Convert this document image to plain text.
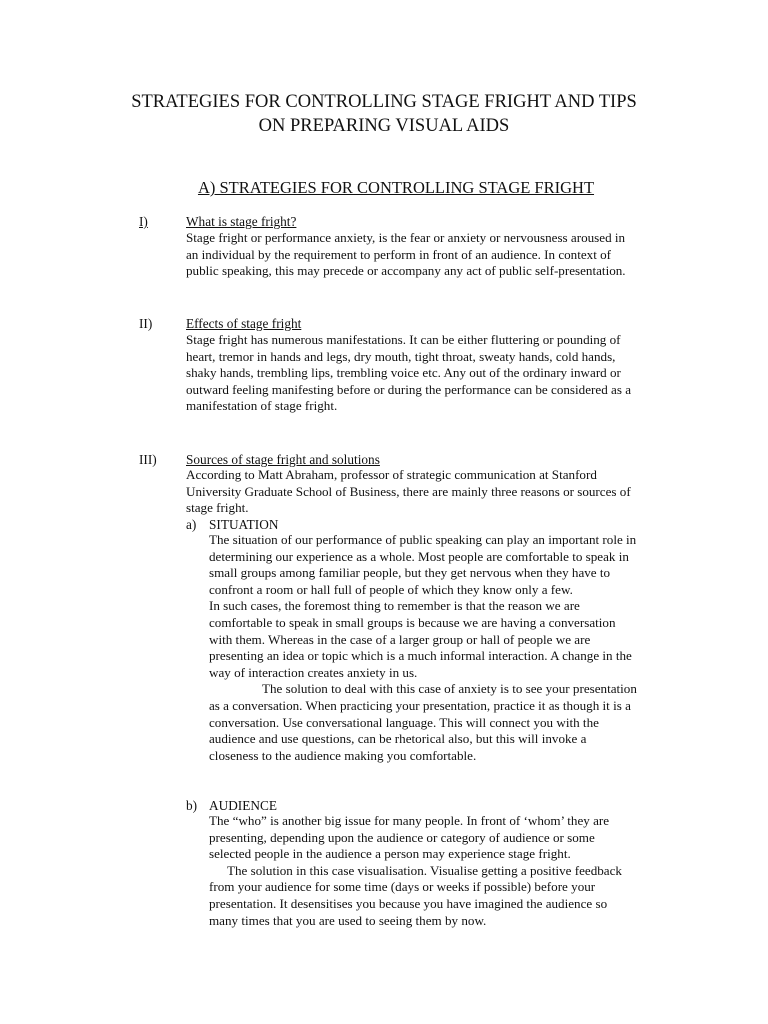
STRATEGIES FOR CONTROLLING STAGE FRIGHT AND TIPS
ON PREPARING VISUAL AIDS
A) STRATEGIES FOR CONTROLLING STAGE FRIGHT
I)	What is stage fright?
Stage fright or performance anxiety, is the fear or anxiety or nervousness aroused in
an individual by the requirement to perform in front of an audience. In context of
public speaking, this may precede or accompany any act of public self-presentation.
II)	Effects of stage fright
Stage fright has numerous manifestations. It can be either fluttering or pounding of
heart, tremor in hands and legs, dry mouth, tight throat, sweaty hands, cold hands,
shaky hands, trembling lips, trembling voice etc. Any out of the ordinary inward or
outward feeling manifesting before or during the performance can be considered as a
manifestation of stage fright.
III) Sources of stage fright and solutions
According to Matt Abraham, professor of strategic communication at Stanford
University Graduate School of Business, there are mainly three reasons or sources of
stage fright.
a) SITUATION
The situation of our performance of public speaking can play an important role in
determining our experience as a whole. Most people are comfortable to speak in
small groups among familiar people, but they get nervous when they have to
confront a room or hall full of people of which they know only a few.
In such cases, the foremost thing to remember is that the reason we are
comfortable to speak in small groups is because we are having a conversation
with them. Whereas in the case of a larger group or hall of people we are
presenting an idea or topic which is a much informal interaction. A change in the
way of interaction creates anxiety in us.
The solution to deal with this case of anxiety is to see your presentation
as a conversation. When practicing your presentation, practice it as though it is a
conversation. Use conversational language. This will connect you with the
audience and use questions, can be rhetorical also, but this will invoke a
closeness to the audience making you comfortable.
b) AUDIENCE
The “who” is another big issue for many people. In front of ‘whom’ they are
presenting, depending upon the audience or category of audience or some
selected people in the audience a person may experience stage fright.
The solution in this case visualisation. Visualise getting a positive feedback
from your audience for some time (days or weeks if possible) before your
presentation. It desensitises you because you have imagined the audience so
many times that you are used to seeing them by now.
